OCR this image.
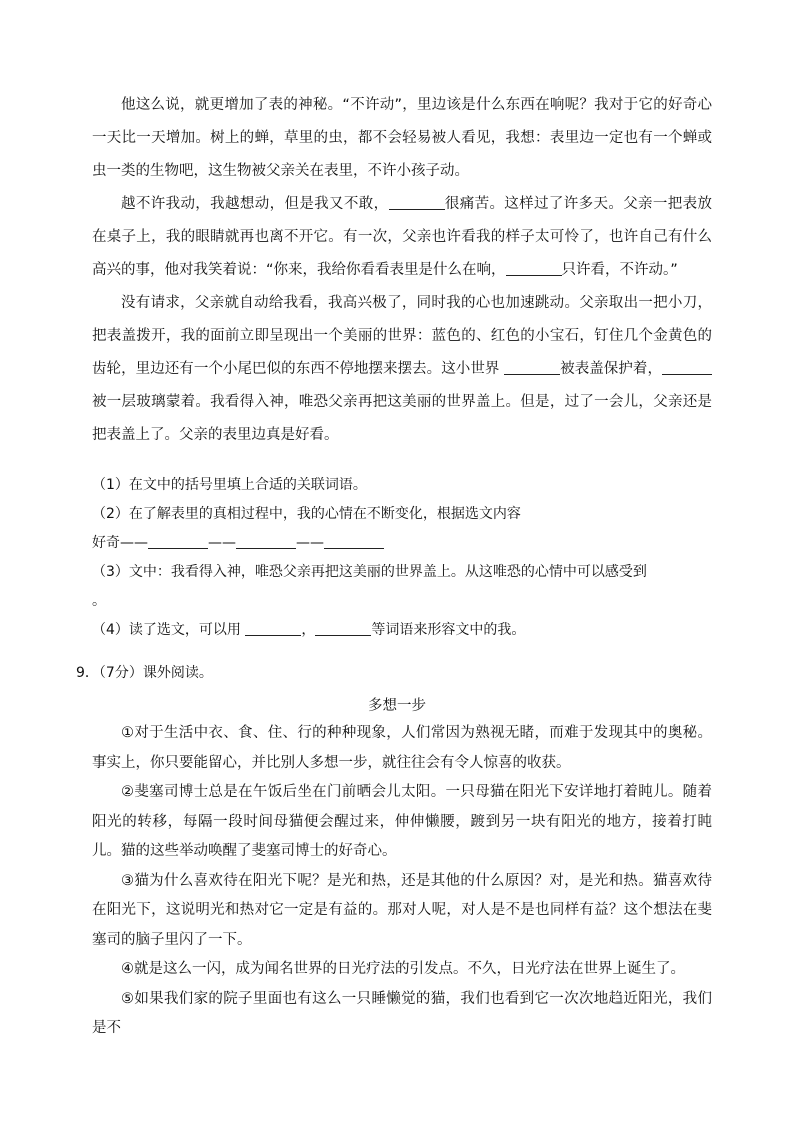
他这么说，就更增加了表的神秘。“不许动”，里边该是什么东西在响呢？我对于它的好奇心一天比一天增加。树上的蝉，草里的虫，都不会轻易被人看见，我想：表里边一定也有一个蝉或虫一类的生物吧，这生物被父亲关在表里，不许小孩子动。

越不许我动，我越想动，但是我又不敢，	很痛苦。这样过了许多天。父亲一把表放在桌子上，我的眼睛就再也离不开它。有一次，父亲也许看我的样子太可怜了，也许自己有什么高兴的事，他对我笑着说：“你来，我给你看看表里是什么在响，	只许看，不许动。”

没有请求，父亲就自动给我看，我高兴极了，同时我的心也加速跳动。父亲取出一把小刀，把表盖拨开，我的面前立即呈现出一个美丽的世界：蓝色的、红色的小宝石，钉住几个金黄色的齿轮，里边还有一个小尾巴似的东西不停地摆来摆去。这小世界	被表盖保护着，被一层玻璃蒙着。我看得入神，唯恐父亲再把这美丽的世界盖上。但是，过了一会儿，父亲还是把表盖上了。父亲的表里边真是好看。

（1）在文中的括号里填上合适的关联词语。

（2）在了解表里的真相过程中，我的心情在不断变化，根据选文内容

好奇——	——	——

（3）文中：我看得入神，唯恐父亲再把这美丽的世界盖上。从这唯恐的心情中可以感受到

。

（4）读了选文，可以用	，	等词语来形容文中的我。

9．（7分）课外阅读。
多想一步

①对于生活中衣、食、住、行的种种现象，人们常因为熟视无睹，而难于发现其中的奥秘。事实上，你只要能留心，并比别人多想一步，就往往会有令人惊喜的收获。

②斐塞司博士总是在午饭后坐在门前晒会儿太阳。一只母猫在阳光下安详地打着盹儿。随着阳光的转移，每隔一段时间母猫便会醒过来，伸伸懒腰，踱到另一块有阳光的地方，接着打盹儿。猫的这些举动唤醒了斐塞司博士的好奇心。

③猫为什么喜欢待在阳光下呢？是光和热，还是其他的什么原因？对，是光和热。猫喜欢待在阳光下，这说明光和热对它一定是有益的。那对人呢，对人是不是也同样有益？这个想法在斐塞司的脑子里闪了一下。

④就是这么一闪，成为闻名世界的日光疗法的引发点。不久，日光疗法在世界上诞生了。

⑤如果我们家的院子里面也有这么一只睡懒觉的猫，我们也看到它一次次地趋近阳光，我们是不
